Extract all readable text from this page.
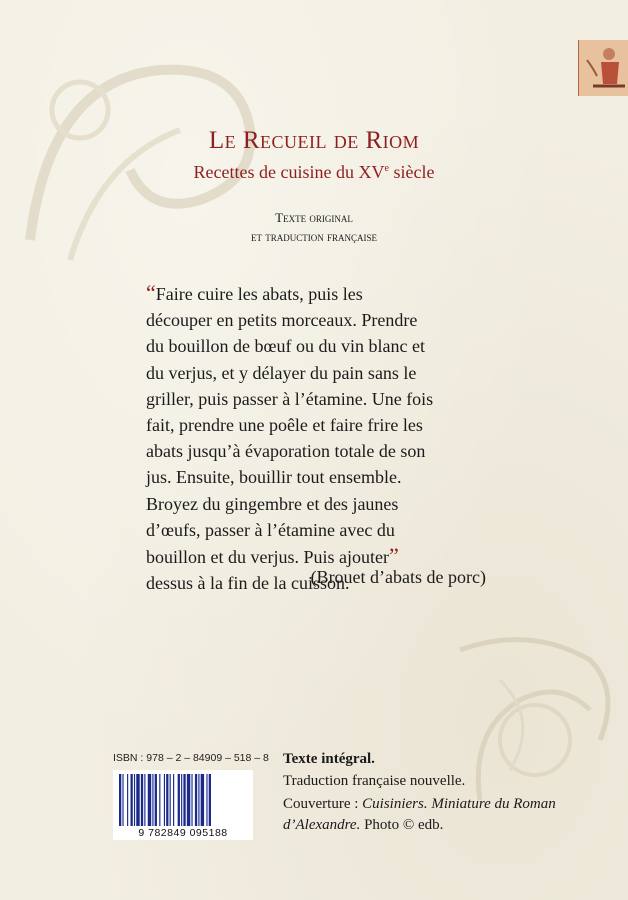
Le Recueil de Riom
Recettes de cuisine du XVe siècle
Texte original
et traduction française
“Faire cuire les abats, puis les
découper en petits morceaux. Prendre
du bouillon de bœuf ou du vin blanc et
du verjus, et y délayer du pain sans le
griller, puis passer à l’étamine. Une fois
fait, prendre une poêle et faire frire les
abats jusqu’à évaporation totale de son
jus. Ensuite, bouillir tout ensemble.
Broyez du gingembre et des jaunes
d’œufs, passer à l’étamine avec du
bouillon et du verjus. Puis ajouter”
dessus à la fin de la cuisson.
(Brouet d’abats de porc)
ISBN : 978 – 2 – 84909 – 518 – 8
9 782849 095188
Texte intégral.
Traduction française nouvelle.
Couverture : Cuisiniers. Miniature du Roman d’Alexandre. Photo © edb.
